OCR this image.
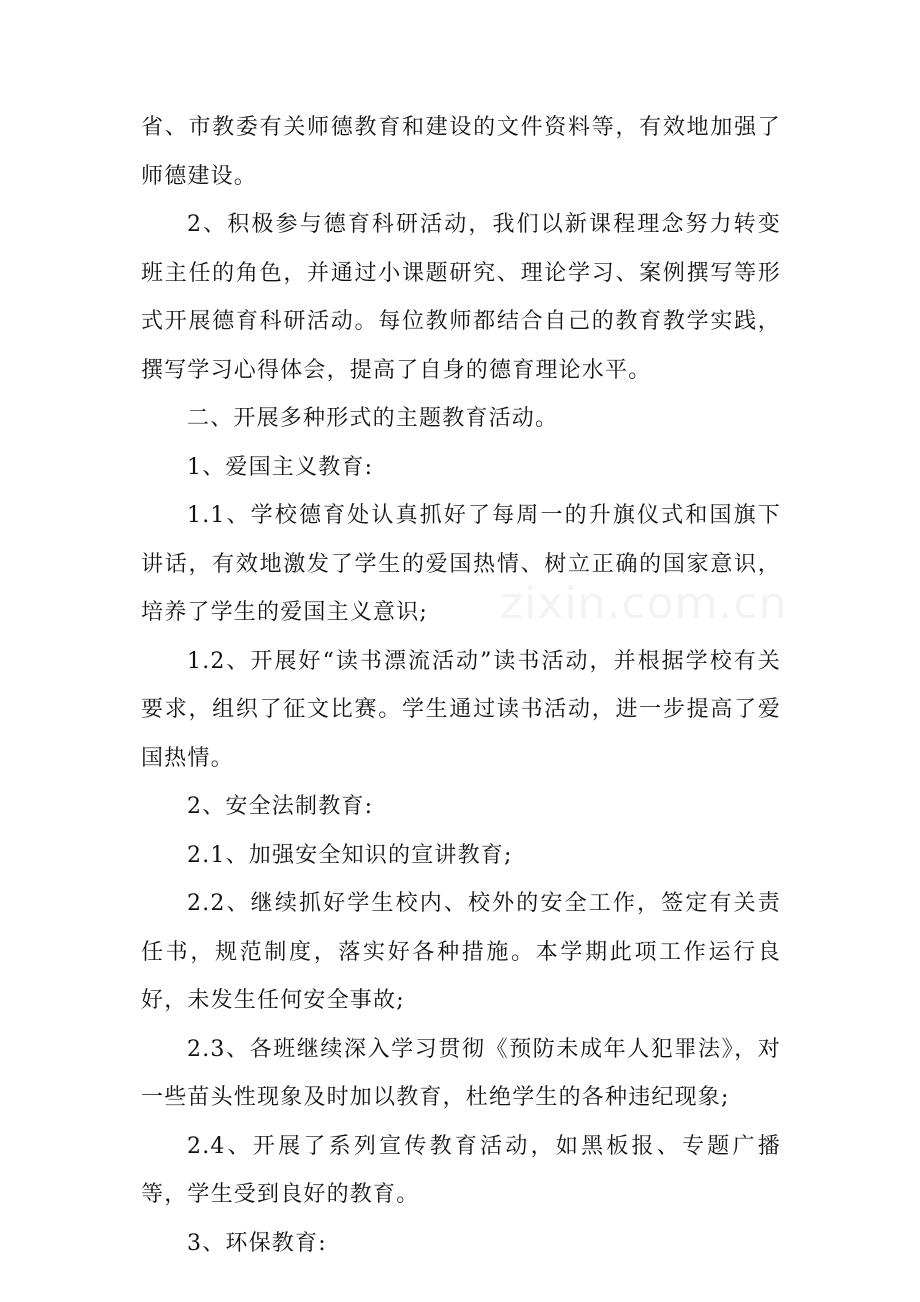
省、市教委有关师德教育和建设的文件资料等，有效地加强了师德建设。

2、积极参与德育科研活动，我们以新课程理念努力转变班主任的角色，并通过小课题研究、理论学习、案例撰写等形式开展德育科研活动。每位教师都结合自己的教育教学实践，撰写学习心得体会，提高了自身的德育理论水平。

二、开展多种形式的主题教育活动。

1、爱国主义教育:

1.1、学校德育处认真抓好了每周一的升旗仪式和国旗下讲话，有效地激发了学生的爱国热情、树立正确的国家意识，培养了学生的爱国主义意识;

1.2、开展好“读书漂流活动”读书活动，并根据学校有关要求，组织了征文比赛。学生通过读书活动，进一步提高了爱国热情。

2、安全法制教育:

2.1、加强安全知识的宣讲教育;

2.2、继续抓好学生校内、校外的安全工作，签定有关责任书，规范制度，落实好各种措施。本学期此项工作运行良好，未发生任何安全事故;

2.3、各班继续深入学习贯彻《预防未成年人犯罪法》，对一些苗头性现象及时加以教育，杜绝学生的各种违纪现象;

2.4、开展了系列宣传教育活动，如黑板报、专题广播等，学生受到良好的教育。

3、环保教育:

zixin.com.cn
